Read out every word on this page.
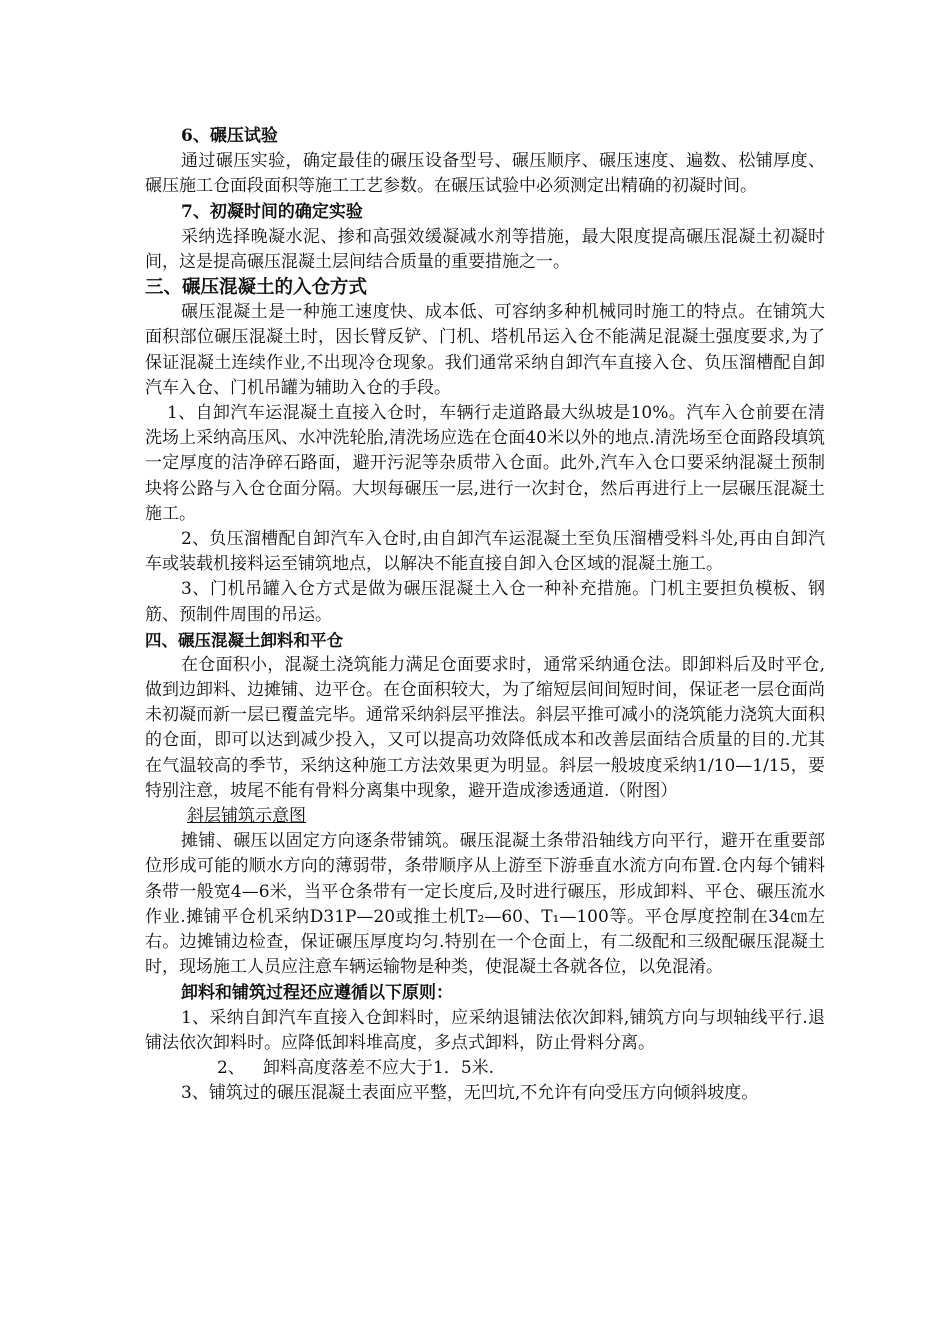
6、碾压试验

通过碾压实验，确定最佳的碾压设备型号、碾压顺序、碾压速度、遍数、松铺厚度、碾压施工仓面段面积等施工工艺参数。在碾压试验中必须测定出精确的初凝时间。

7、初凝时间的确定实验

采纳选择晚凝水泥、掺和高强效缓凝减水剂等措施，最大限度提高碾压混凝土初凝时间，这是提高碾压混凝土层间结合质量的重要措施之一。

三、碾压混凝土的入仓方式

碾压混凝土是一种施工速度快、成本低、可容纳多种机械同时施工的特点。在铺筑大面积部位碾压混凝土时，因长臂反铲、门机、塔机吊运入仓不能满足混凝土强度要求,为了保证混凝土连续作业,不出现冷仓现象。我们通常采纳自卸汽车直接入仓、负压溜槽配自卸汽车入仓、门机吊罐为辅助入仓的手段。

1、自卸汽车运混凝土直接入仓时，车辆行走道路最大纵坡是10%。汽车入仓前要在清洗场上采纳高压风、水冲洗轮胎,清洗场应选在仓面40米以外的地点.清洗场至仓面路段填筑一定厚度的洁净碎石路面，避开污泥等杂质带入仓面。此外,汽车入仓口要采纳混凝土预制块将公路与入仓仓面分隔。大坝每碾压一层,进行一次封仓，然后再进行上一层碾压混凝土施工。

2、负压溜槽配自卸汽车入仓时,由自卸汽车运混凝土至负压溜槽受料斗处,再由自卸汽车或装载机接料运至铺筑地点，以解决不能直接自卸入仓区域的混凝土施工。

3、门机吊罐入仓方式是做为碾压混凝土入仓一种补充措施。门机主要担负模板、钢筋、预制件周围的吊运。

四、碾压混凝土卸料和平仓

在仓面积小，混凝土浇筑能力满足仓面要求时，通常采纳通仓法。即卸料后及时平仓,做到边卸料、边摊铺、边平仓。在仓面积较大，为了缩短层间间短时间，保证老一层仓面尚未初凝而新一层已覆盖完毕。通常采纳斜层平推法。斜层平推可减小的浇筑能力浇筑大面积的仓面，即可以达到减少投入，又可以提高功效降低成本和改善层面结合质量的目的.尤其在气温较高的季节，采纳这种施工方法效果更为明显。斜层一般坡度采纳1/10—1/15，要特别注意，坡尾不能有骨料分离集中现象，避开造成渗透通道.（附图）

斜层铺筑示意图

摊铺、碾压以固定方向逐条带铺筑。碾压混凝土条带沿轴线方向平行，避开在重要部位形成可能的顺水方向的薄弱带，条带顺序从上游至下游垂直水流方向布置.仓内每个铺料条带一般宽4—6米，当平仓条带有一定长度后,及时进行碾压，形成卸料、平仓、碾压流水作业.摊铺平仓机采纳D31P—20或推土机T₂—60、T₁—100等。平仓厚度控制在34㎝左右。边摊铺边检查，保证碾压厚度均匀.特别在一个仓面上，有二级配和三级配碾压混凝土时，现场施工人员应注意车辆运输物是种类，使混凝土各就各位，以免混淆。

卸料和铺筑过程还应遵循以下原则：

1、采纳自卸汽车直接入仓卸料时，应采纳退铺法依次卸料,铺筑方向与坝轴线平行.退铺法依次卸料时。应降低卸料堆高度，多点式卸料，防止骨料分离。

2、 卸料高度落差不应大于1．5米.

3、铺筑过的碾压混凝土表面应平整，无凹坑,不允许有向受压方向倾斜坡度。
